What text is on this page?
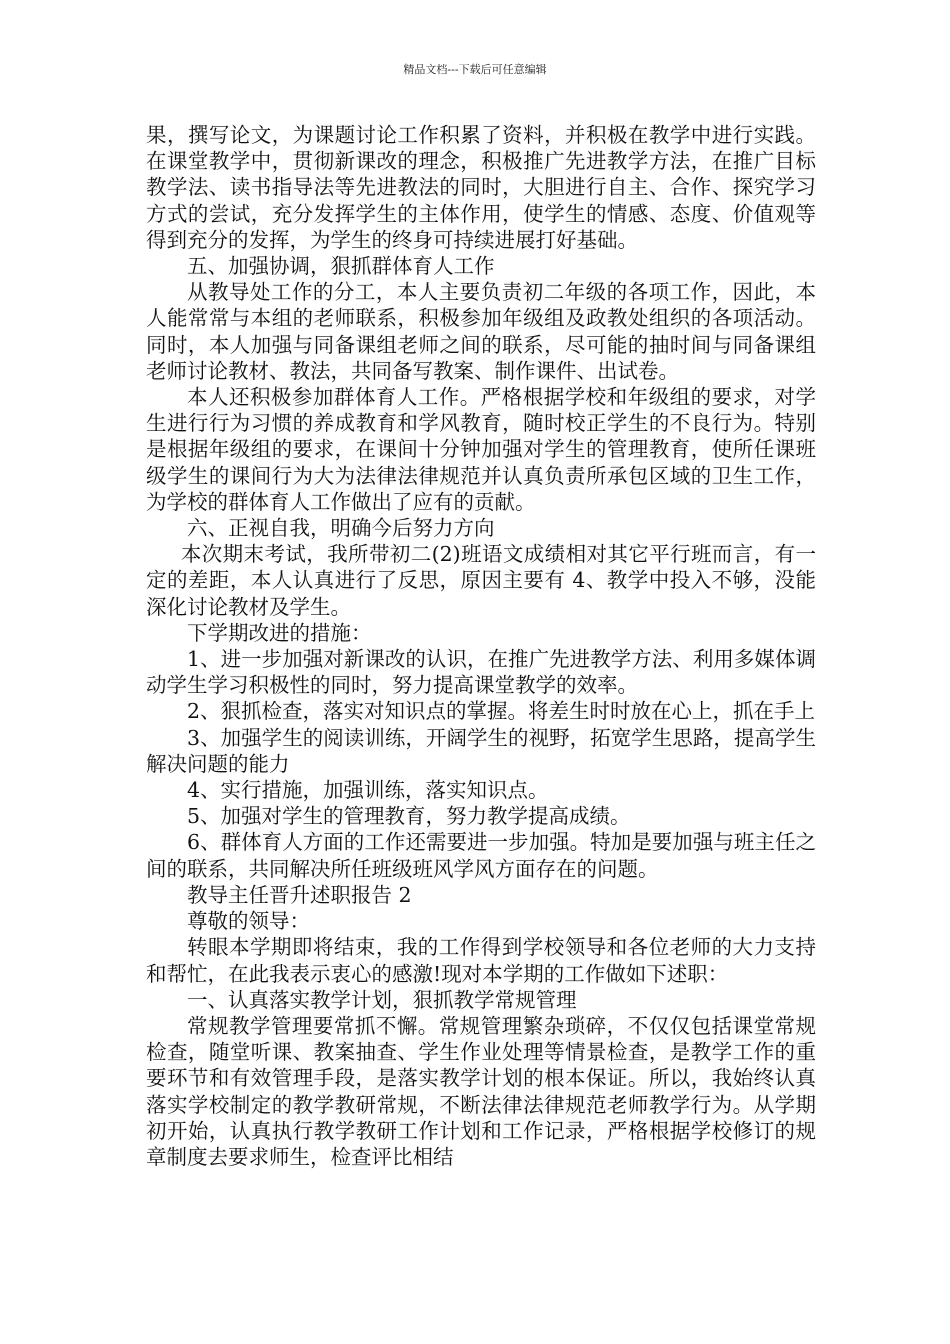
精品文档---下载后可任意编辑

果，撰写论文，为课题讨论工作积累了资料，并积极在教学中进行实践。 在课堂教学中，贯彻新课改的理念，积极推广先进教学方法，在推广目标教学法、读书指导法等先进教法的同时，大胆进行自主、合作、探究学习方式的尝试，充分发挥学生的主体作用，使学生的情感、态度、价值观等得到充分的发挥，为学生的终身可持续进展打好基础。

五、加强协调，狠抓群体育人工作

从教导处工作的分工，本人主要负责初二年级的各项工作，因此，本人能常常与本组的老师联系，积极参加年级组及政教处组织的各项活动。同时，本人加强与同备课组老师之间的联系，尽可能的抽时间与同备课组老师讨论教材、教法，共同备写教案、制作课件、出试卷。

本人还积极参加群体育人工作。严格根据学校和年级组的要求，对学生进行行为习惯的养成教育和学风教育，随时校正学生的不良行为。特别是根据年级组的要求，在课间十分钟加强对学生的管理教育，使所任课班级学生的课间行为大为法律法律规范并认真负责所承包区域的卫生工作，为学校的群体育人工作做出了应有的贡献。

六、正视自我，明确今后努力方向

本次期末考试，我所带初二(2)班语文成绩相对其它平行班而言，有一定的差距，本人认真进行了反思，原因主要有 4、教学中投入不够，没能深化讨论教材及学生。

下学期改进的措施：

1、进一步加强对新课改的认识，在推广先进教学方法、利用多媒体调动学生学习积极性的同时，努力提高课堂教学的效率。

2、狠抓检查，落实对知识点的掌握。将差生时时放在心上，抓在手上

3、加强学生的阅读训练，开阔学生的视野，拓宽学生思路，提高学生解决问题的能力

4、实行措施，加强训练，落实知识点。

5、加强对学生的管理教育，努力教学提高成绩。

6、群体育人方面的工作还需要进一步加强。特加是要加强与班主任之间的联系，共同解决所任班级班风学风方面存在的问题。

教导主任晋升述职报告 2

尊敬的领导：

转眼本学期即将结束，我的工作得到学校领导和各位老师的大力支持和帮忙，在此我表示衷心的感激!现对本学期的工作做如下述职：

一、认真落实教学计划，狠抓教学常规管理

常规教学管理要常抓不懈。常规管理繁杂琐碎，不仅仅包括课堂常规检查，随堂听课、教案抽查、学生作业处理等情景检查，是教学工作的重要环节和有效管理手段，是落实教学计划的根本保证。所以，我始终认真落实学校制定的教学教研常规，不断法律法律规范老师教学行为。从学期初开始，认真执行教学教研工作计划和工作记录，严格根据学校修订的规章制度去要求师生，检查评比相结
